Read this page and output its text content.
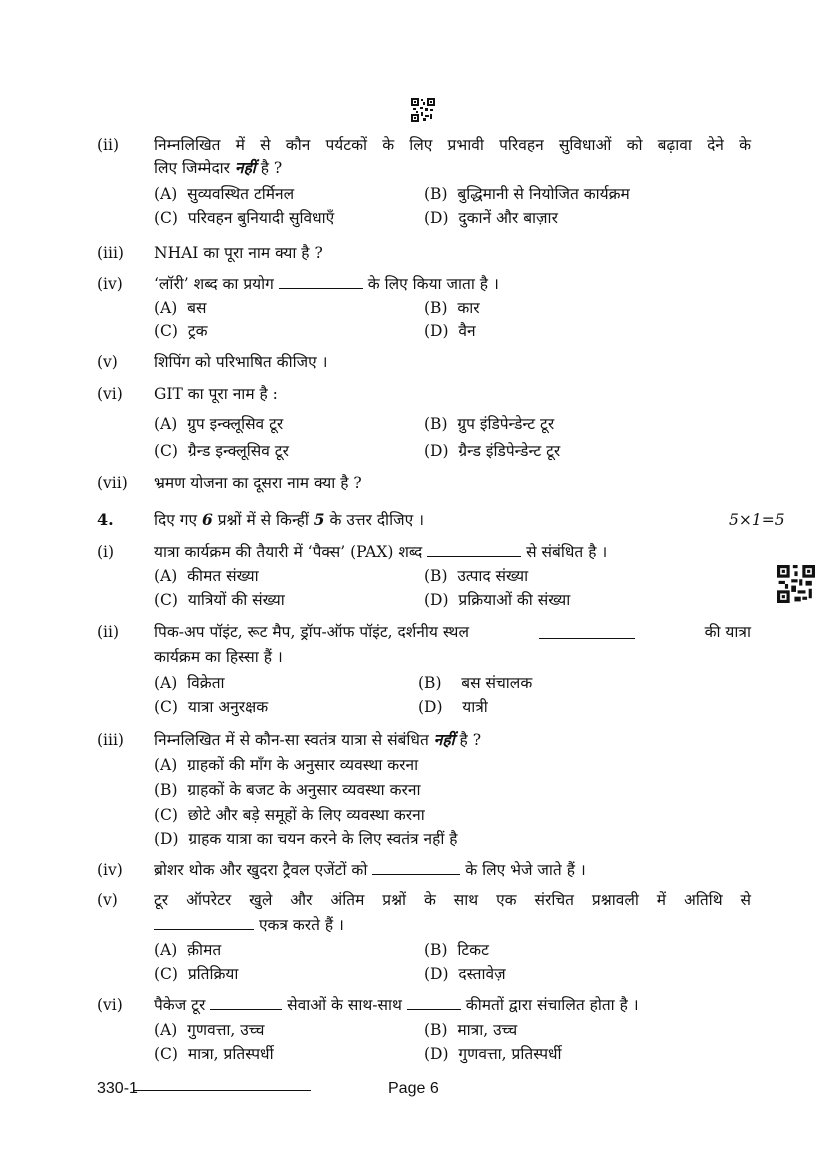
(ii) निम्नलिखित में से कौन पर्यटकों के लिए प्रभावी परिवहन सुविधाओं को बढ़ावा देने के
लिए जिम्मेदार नहीं है ?
(A) सुव्यवस्थित टर्मिनल	(B) बुद्धिमानी से नियोजित कार्यक्रम
(C) परिवहन बुनियादी सुविधाएँ	(D) दुकानें और बाज़ार
(iii) NHAI का पूरा नाम क्या है ?
(iv) ‘लॉरी’ शब्द का प्रयोग	के लिए किया जाता है ।
(A) बस	(B) कार
(C) ट्रक	(D) वैन
(v) शिपिंग को परिभाषित कीजिए ।
(vi) GIT का पूरा नाम है :
(A) ग्रुप इन्क्लूसिव टूर	(B) ग्रुप इंडिपेन्डेन्ट टूर
(C) ग्रैन्ड इन्क्लूसिव टूर	(D) ग्रैन्ड इंडिपेन्डेन्ट टूर
(vii) भ्रमण योजना का दूसरा नाम क्या है ?
4.	दिए गए 6 प्रश्नों में से किन्हीं 5 के उत्तर दीजिए ।	5×1=5
(i)	यात्रा कार्यक्रम की तैयारी में ‘पैक्स’ (PAX) शब्द	से संबंधित है ।
(A) कीमत संख्या	(B) उत्पाद संख्या
(C) यात्रियों की संख्या	(D) प्रक्रियाओं की संख्या
(ii) पिक-अप पॉइंट, रूट मैप, ड्रॉप-ऑफ पॉइंट, दर्शनीय स्थल	की यात्रा
कार्यक्रम का हिस्सा हैं ।
(A) विक्रेता	(B) बस संचालक
(C) यात्रा अनुरक्षक	(D) यात्री
(iii) निम्नलिखित में से कौन-सा स्वतंत्र यात्रा से संबंधित नहीं है ?
(A) ग्राहकों की माँग के अनुसार व्यवस्था करना
(B) ग्राहकों के बजट के अनुसार व्यवस्था करना
(C) छोटे और बड़े समूहों के लिए व्यवस्था करना
(D) ग्राहक यात्रा का चयन करने के लिए स्वतंत्र नहीं है
(iv) ब्रोशर थोक और खुदरा ट्रैवल एजेंटों को	के लिए भेजे जाते हैं ।
(v) टूर ऑपरेटर खुले और अंतिम प्रश्नों के साथ एक संरचित प्रश्नावली में अतिथि से
एकत्र करते हैं ।
(A) क़ीमत	(B) टिकट
(C) प्रतिक्रिया	(D) दस्तावेज़
(vi) पैकेज टूर	सेवाओं के साथ-साथ	कीमतों द्वारा संचालित होता है ।
(A) गुणवत्ता, उच्च	(B) मात्रा, उच्च
(C) मात्रा, प्रतिस्पर्धी	(D) गुणवत्ता, प्रतिस्पर्धी
330-1	Page 6
